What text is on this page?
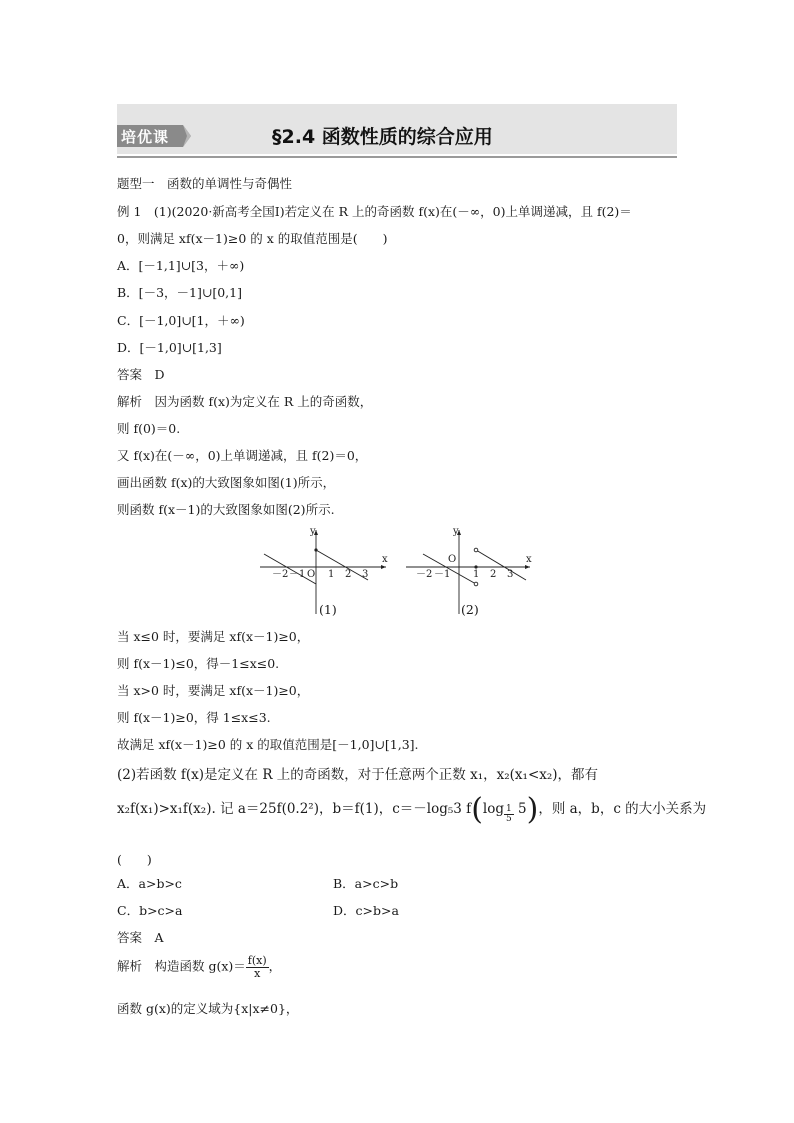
培优课	§2.4 函数性质的综合应用
题型一　函数的单调性与奇偶性
例 1　(1)(2020·新高考全国Ⅰ)若定义在 R 上的奇函数 f(x)在(－∞，0)上单调递减，且 f(2)＝
0，则满足 xf(x－1)≥0 的 x 的取值范围是(　　)
A．[－1,1]∪[3，＋∞)
B．[－3，－1]∪[0,1]
C．[－1,0]∪[1，＋∞)
D．[－1,0]∪[1,3]
答案　D
解析　因为函数 f(x)为定义在 R 上的奇函数，
则 f(0)＝0.
又 f(x)在(－∞，0)上单调递减，且 f(2)＝0，
画出函数 f(x)的大致图象如图(1)所示，
则函数 f(x－1)的大致图象如图(2)所示.
y
x
O
－2 －1 1 2 3
y
x
O
－2 －1 1 2 3
(1)	(2)
当 x≤0 时，要满足 xf(x－1)≥0，
则 f(x－1)≤0，得－1≤x≤0.
当 x>0 时，要满足 xf(x－1)≥0，
则 f(x－1)≥0，得 1≤x≤3.
故满足 xf(x－1)≥0 的 x 的取值范围是[－1,0]∪[1,3].
(2)若函数 f(x)是定义在 R 上的奇函数，对于任意两个正数 x₁，x₂(x₁<x₂)，都有
x₂f(x₁)>x₁f(x₂). 记 a＝25f(0.2²)，b＝f(1)，c＝－log₅3 $f(\log \frac{1}{5} 5)$，则 a，b，c 的大小关系为
(　　)
A．a>b>c	B．a>c>b
C．b>c>a	D．c>b>a
答案　A
解析　构造函数 $g(x)= \frac{f(x)}{x}$ ，
函数 g(x)的定义域为{x|x≠0}，
